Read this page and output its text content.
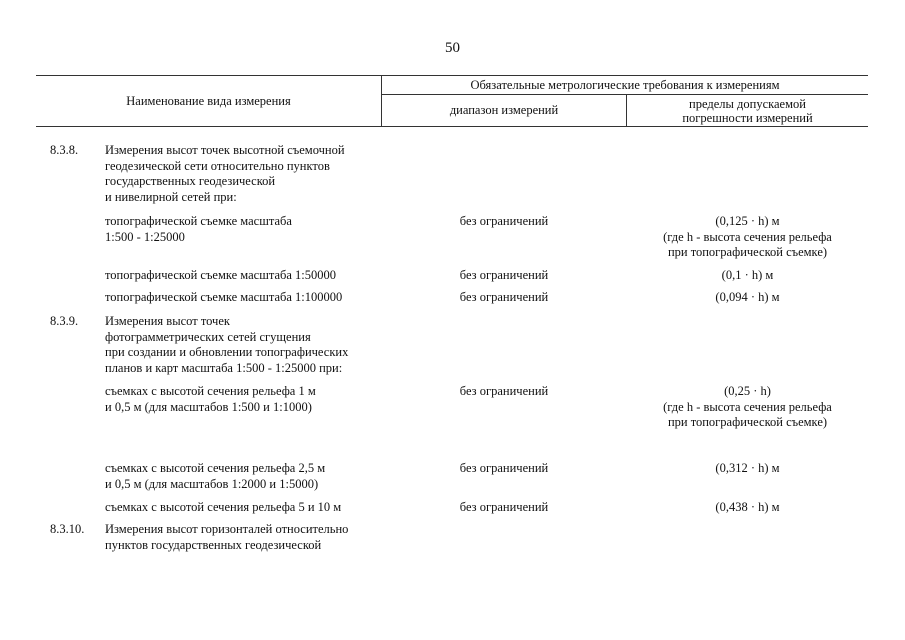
50
Наименование вида измерения
Обязательные метрологические требования к измерениям
диапазон измерений	пределы допускаемой
погрешности измерений
8.3.8.	Измерения высот точек высотной съемочной
геодезической сети относительно пунктов
государственных геодезической
и нивелирной сетей при:
топографической съемке масштаба
1:500 - 1:25000
без ограничений	(0,125 · h) м
(где h - высота сечения рельефа
при топографической съемке)
топографической съемке масштаба 1:50000	без ограничений	(0,1 · h) м
топографической съемке масштаба 1:100000	без ограничений	(0,094 · h) м
8.3.9.	Измерения высот точек
фотограмметрических сетей сгущения
при создании и обновлении топографических
планов и карт масштаба 1:500 - 1:25000 при:
съемках с высотой сечения рельефа 1 м
и 0,5 м (для масштабов 1:500 и 1:1000)
без ограничений	(0,25 · h)
(где h - высота сечения рельефа
при топографической съемке)
съемках с высотой сечения рельефа 2,5 м
и 0,5 м (для масштабов 1:2000 и 1:5000)
без ограничений	(0,312 · h) м
съемках с высотой сечения рельефа 5 и 10 м	без ограничений	(0,438 · h) м
8.3.10.	Измерения высот горизонталей относительно
пунктов государственных геодезической
